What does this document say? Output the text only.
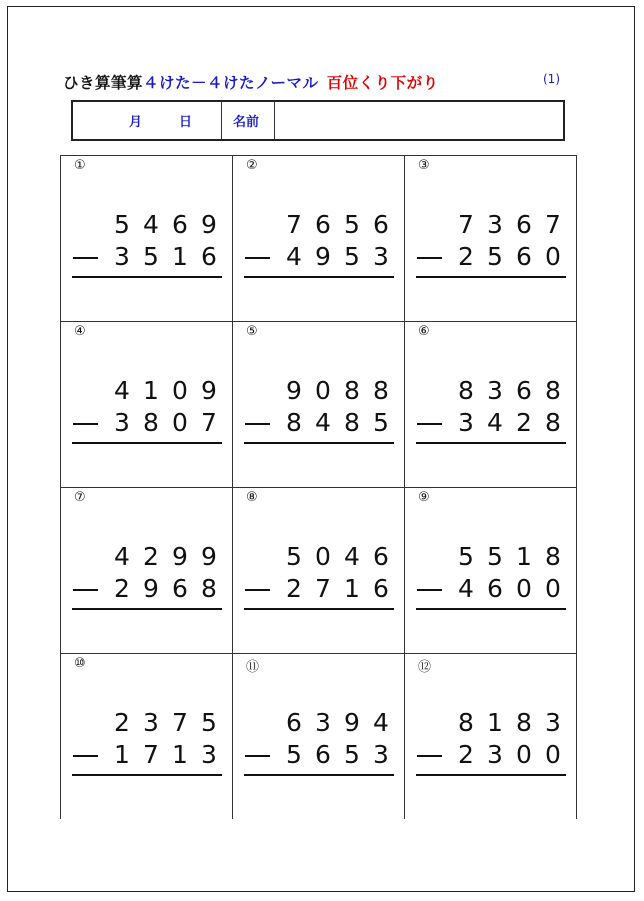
ひき算筆算４けた－４けたノーマル 百位くり下がり	(1)
月	日	名前
①
5 4 6 9
3 5 1 6
②
7 6 5 6
4 9 5 3
③
7 3 6 7
2 5 6 0
④
4 1 0 9
3 8 0 7
⑤
9 0 8 8
8 4 8 5
⑥
8 3 6 8
3 4 2 8
⑦
4 2 9 9
2 9 6 8
⑧
5 0 4 6
2 7 1 6
⑨
5 5 1 8
4 6 0 0
⑩
2 3 7 5
1 7 1 3
⑪
6 3 9 4
5 6 5 3
⑫
8 1 8 3
2 3 0 0
